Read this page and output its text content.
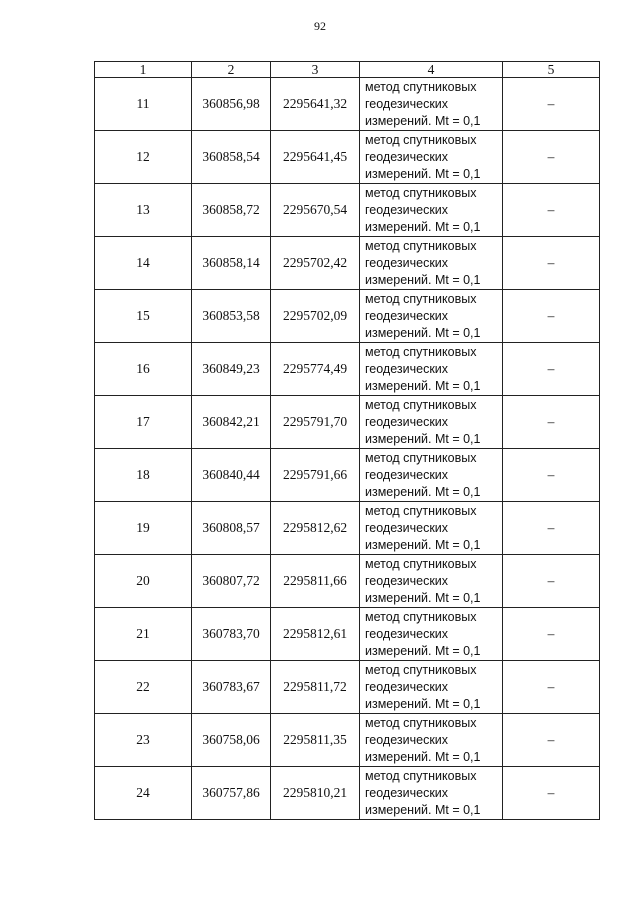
92
1	2	3	4	5
11	360856,98	2295641,32	метод спутниковых
геодезических
измерений. Mt = 0,1	–
12	360858,54	2295641,45	метод спутниковых
геодезических
измерений. Mt = 0,1	–
13	360858,72	2295670,54	метод спутниковых
геодезических
измерений. Mt = 0,1	–
14	360858,14	2295702,42	метод спутниковых
геодезических
измерений. Mt = 0,1	–
15	360853,58	2295702,09	метод спутниковых
геодезических
измерений. Mt = 0,1	–
16	360849,23	2295774,49	метод спутниковых
геодезических
измерений. Mt = 0,1	–
17	360842,21	2295791,70	метод спутниковых
геодезических
измерений. Mt = 0,1	–
18	360840,44	2295791,66	метод спутниковых
геодезических
измерений. Mt = 0,1	–
19	360808,57	2295812,62	метод спутниковых
геодезических
измерений. Mt = 0,1	–
20	360807,72	2295811,66	метод спутниковых
геодезических
измерений. Mt = 0,1	–
21	360783,70	2295812,61	метод спутниковых
геодезических
измерений. Mt = 0,1	–
22	360783,67	2295811,72	метод спутниковых
геодезических
измерений. Mt = 0,1	–
23	360758,06	2295811,35	метод спутниковых
геодезических
измерений. Mt = 0,1	–
24	360757,86	2295810,21	метод спутниковых
геодезических
измерений. Mt = 0,1	–
